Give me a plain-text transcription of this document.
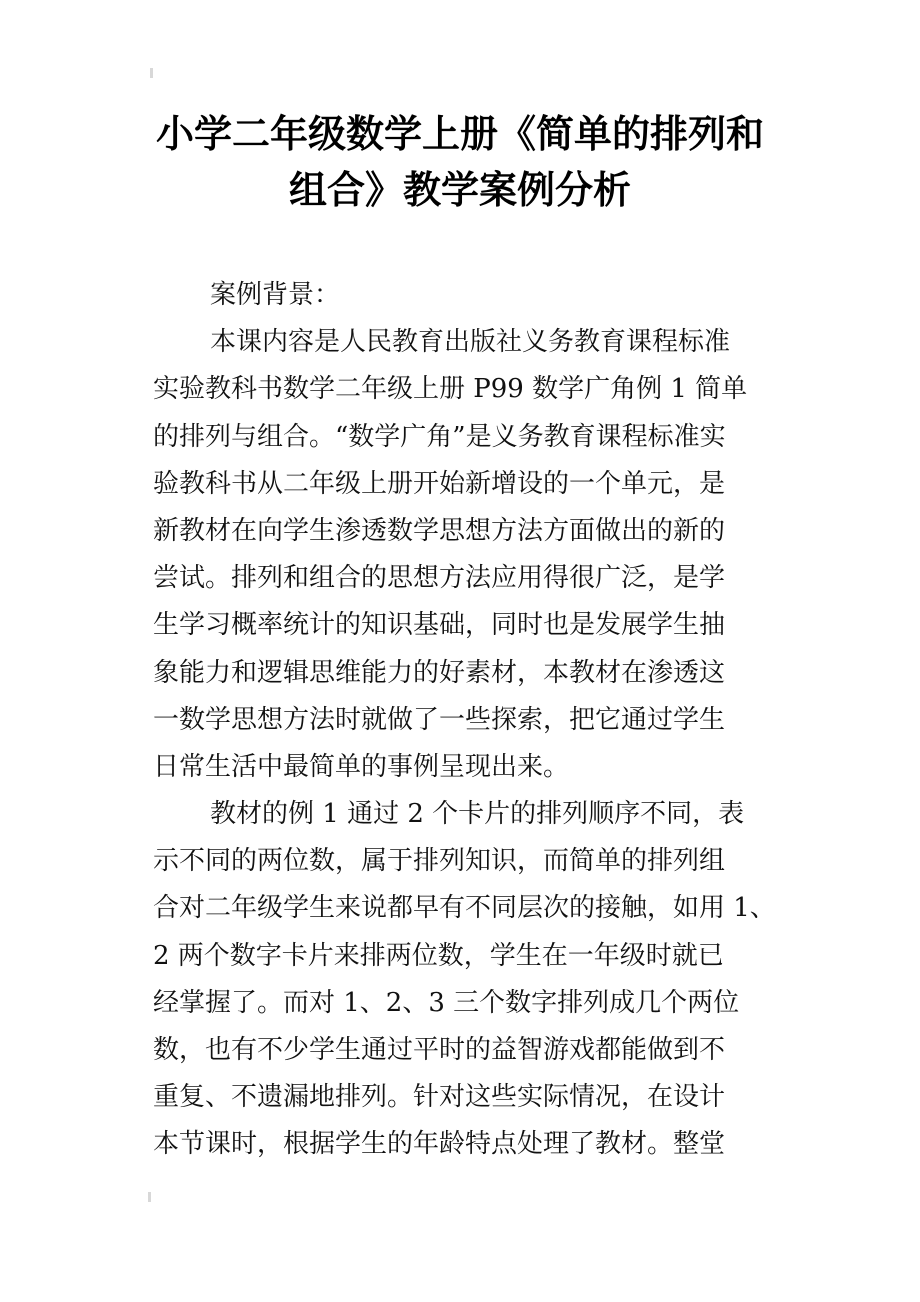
小学二年级数学上册《简单的排列和
组合》教学案例分析
案例背景：
本课内容是人民教育出版社义务教育课程标准
实验教科书数学二年级上册 P99 数学广角例 1 简单
的排列与组合。“数学广角”是义务教育课程标准实
验教科书从二年级上册开始新增设的一个单元，是
新教材在向学生渗透数学思想方法方面做出的新的
尝试。排列和组合的思想方法应用得很广泛，是学
生学习概率统计的知识基础，同时也是发展学生抽
象能力和逻辑思维能力的好素材，本教材在渗透这
一数学思想方法时就做了一些探索，把它通过学生
日常生活中最简单的事例呈现出来。
教材的例 1 通过 2 个卡片的排列顺序不同，表
示不同的两位数，属于排列知识，而简单的排列组
合对二年级学生来说都早有不同层次的接触，如用 1、
2 两个数字卡片来排两位数，学生在一年级时就已
经掌握了。而对 1、2、3 三个数字排列成几个两位
数，也有不少学生通过平时的益智游戏都能做到不
重复、不遗漏地排列。针对这些实际情况，在设计
本节课时，根据学生的年龄特点处理了教材。整堂
